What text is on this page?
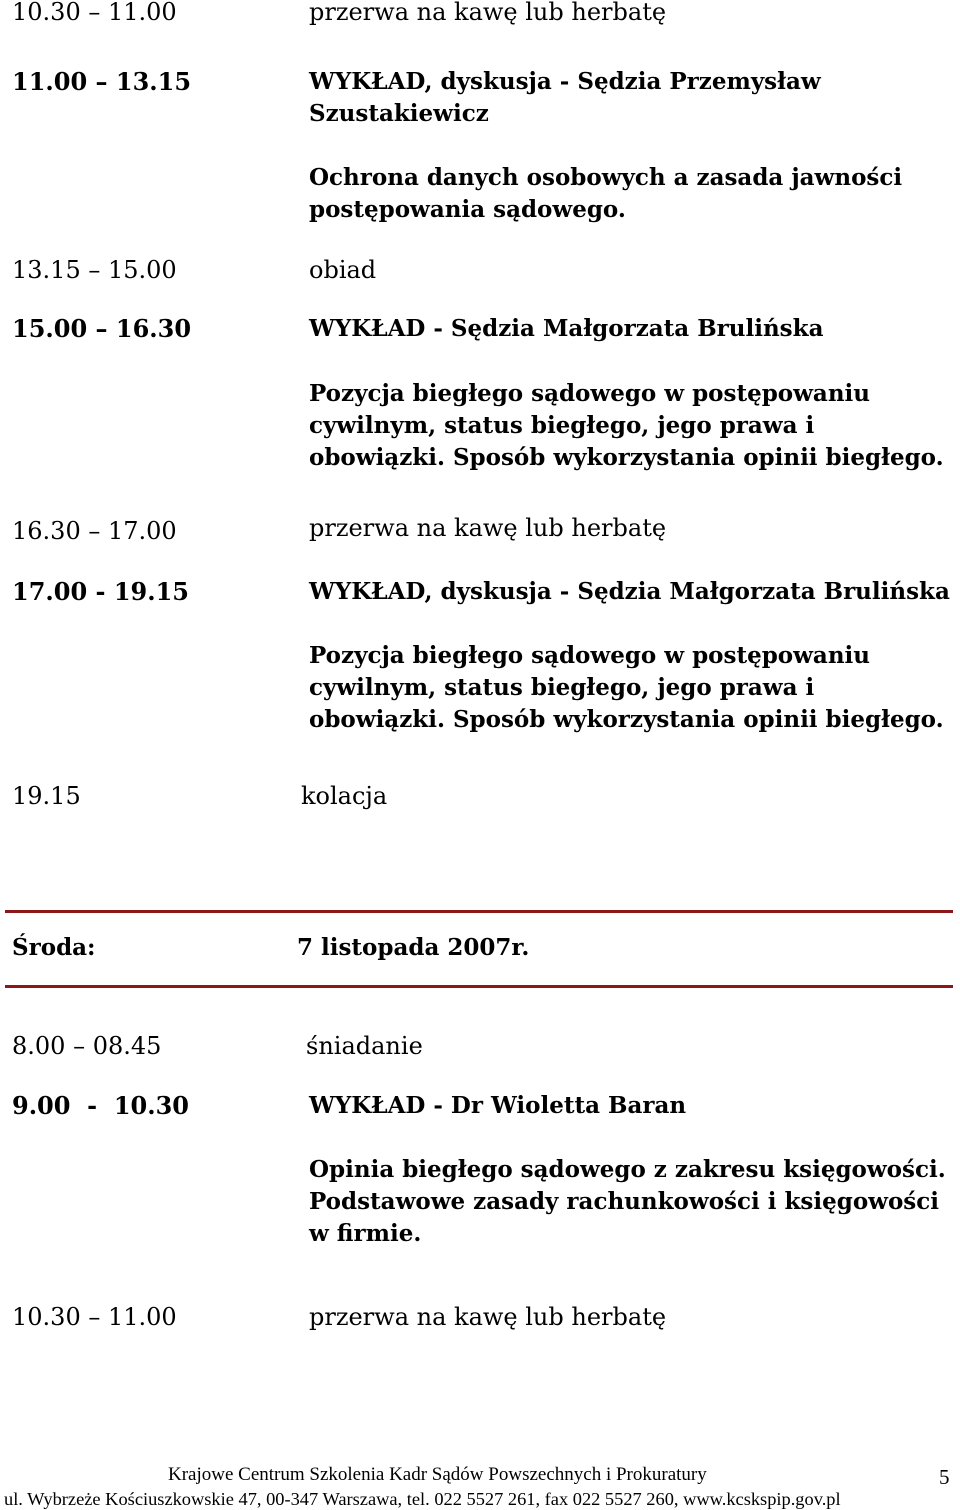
10.30 – 11.00	przerwa na kawę lub herbatę
11.00 – 13.15	WYKŁAD, dyskusja - Sędzia Przemysław
Szustakiewicz
Ochrona danych osobowych a zasada jawności
postępowania sądowego.
13.15 – 15.00	obiad
15.00 – 16.30	WYKŁAD - Sędzia Małgorzata Brulińska
Pozycja biegłego sądowego w postępowaniu
cywilnym, status biegłego, jego prawa i
obowiązki. Sposób wykorzystania opinii biegłego.
16.30 – 17.00	przerwa na kawę lub herbatę
17.00 - 19.15	WYKŁAD, dyskusja - Sędzia Małgorzata Brulińska
Pozycja biegłego sądowego w postępowaniu
cywilnym, status biegłego, jego prawa i
obowiązki. Sposób wykorzystania opinii biegłego.
19.15	kolacja
Środa:	7 listopada 2007r.
8.00 – 08.45	śniadanie
9.00  -  10.30	WYKŁAD - Dr Wioletta Baran
Opinia biegłego sądowego z zakresu księgowości.
Podstawowe zasady rachunkowości i księgowości
w firmie.
10.30 – 11.00	przerwa na kawę lub herbatę
Krajowe Centrum Szkolenia Kadr Sądów Powszechnych i Prokuratury	5
ul. Wybrzeże Kościuszkowskie 47, 00-347 Warszawa, tel. 022 5527 261, fax 022 5527 260, www.kcskspip.gov.pl
